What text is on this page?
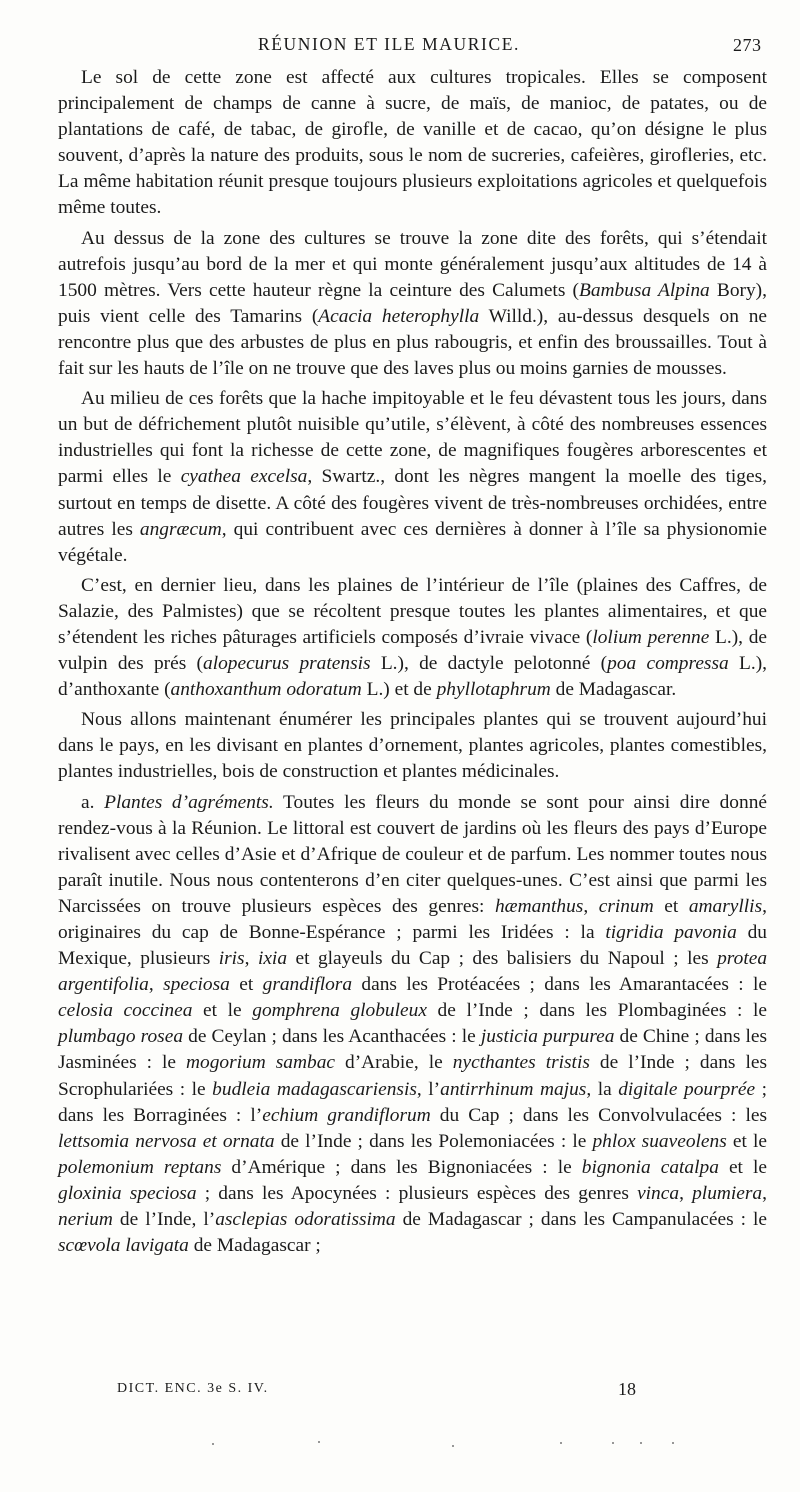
RÉUNION ET ILE MAURICE.	273

Le sol de cette zone est affecté aux cultures tropicales. Elles se composent principalement de champs de canne à sucre, de maïs, de manioc, de patates, ou de plantations de café, de tabac, de girofle, de vanille et de cacao, qu’on désigne le plus souvent, d’après la nature des produits, sous le nom de sucreries, cafeières, girofleries, etc. La même habitation réunit presque toujours plusieurs exploitations agricoles et quelquefois même toutes.

Au dessus de la zone des cultures se trouve la zone dite des forêts, qui s’étendait autrefois jusqu’au bord de la mer et qui monte généralement jusqu’aux altitudes de 14 à 1500 mètres. Vers cette hauteur règne la ceinture des Calumets (Bambusa Alpina Bory), puis vient celle des Tamarins (Acacia heterophylla Willd.), au-dessus desquels on ne rencontre plus que des arbustes de plus en plus rabougris, et enfin des broussailles. Tout à fait sur les hauts de l’île on ne trouve que des laves plus ou moins garnies de mousses.

Au milieu de ces forêts que la hache impitoyable et le feu dévastent tous les jours, dans un but de défrichement plutôt nuisible qu’utile, s’élèvent, à côté des nombreuses essences industrielles qui font la richesse de cette zone, de magnifiques fougères arborescentes et parmi elles le cyathea excelsa, Swartz., dont les nègres mangent la moelle des tiges, surtout en temps de disette. A côté des fougères vivent de très-nombreuses orchidées, entre autres les angræcum, qui contribuent avec ces dernières à donner à l’île sa physionomie végétale.

C’est, en dernier lieu, dans les plaines de l’intérieur de l’île (plaines des Caffres, de Salazie, des Palmistes) que se récoltent presque toutes les plantes alimentaires, et que s’étendent les riches pâturages artificiels composés d’ivraie vivace (lolium perenne L.), de vulpin des prés (alopecurus pratensis L.), de dactyle pelotonné (poa compressa L.), d’anthoxante (anthoxanthum odoratum L.) et de phyllotaphrum de Madagascar.

Nous allons maintenant énumérer les principales plantes qui se trouvent aujourd’hui dans le pays, en les divisant en plantes d’ornement, plantes agricoles, plantes comestibles, plantes industrielles, bois de construction et plantes médicinales.

a. Plantes d’agréments. Toutes les fleurs du monde se sont pour ainsi dire donné rendez-vous à la Réunion. Le littoral est couvert de jardins où les fleurs des pays d’Europe rivalisent avec celles d’Asie et d’Afrique de couleur et de parfum. Les nommer toutes nous paraît inutile. Nous nous contenterons d’en citer quelques-unes. C’est ainsi que parmi les Narcissées on trouve plusieurs espèces des genres: hæmanthus, crinum et amaryllis, originaires du cap de Bonne-Espérance ; parmi les Iridées : la tigridia pavonia du Mexique, plusieurs iris, ixia et glayeuls du Cap ; des balisiers du Napoul ; les protea argentifolia, speciosa et grandiflora dans les Protéacées ; dans les Amarantacées : le celosia coccinea et le gomphrena globuleux de l’Inde ; dans les Plombaginées : le plumbago rosea de Ceylan ; dans les Acanthacées : le justicia purpurea de Chine ; dans les Jasminées : le mogorium sambac d’Arabie, le nycthantes tristis de l’Inde ; dans les Scrophulariées : le budleia madagascariensis, l’antirrhinum majus, la digitale pourprée ; dans les Borraginées : l’echium grandiflorum du Cap ; dans les Convolvulacées : les lettsomia nervosa et ornata de l’Inde ; dans les Polemoniacées : le phlox suaveolens et le polemonium reptans d’Amérique ; dans les Bignoniacées : le bignonia catalpa et le gloxinia speciosa ; dans les Apocynées : plusieurs espèces des genres vinca, plumiera, nerium de l’Inde, l’asclepias odoratissima de Madagascar ; dans les Campanulacées : le scœvola lavigata de Madagascar ;

DICT. ENC. 3e S. IV.	18
